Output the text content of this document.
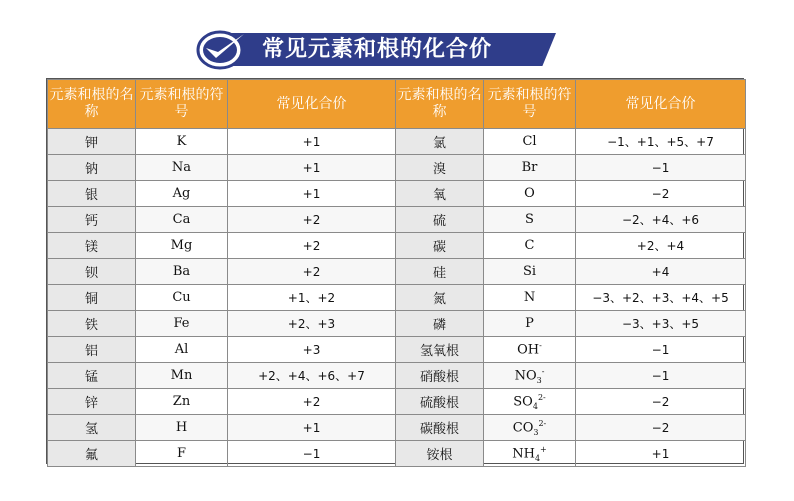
常见元素和根的化合价
元素和根的名称	元素和根的符号	常见化合价	元素和根的名称	元素和根的符号	常见化合价
钾	K	+1	氯	Cl	−1、+1、+5、+7
钠	Na	+1	溴	Br	−1
银	Ag	+1	氧	O	−2
钙	Ca	+2	硫	S	−2、+4、+6
镁	Mg	+2	碳	C	+2、+4
钡	Ba	+2	硅	Si	+4
铜	Cu	+1、+2	氮	N	−3、+2、+3、+4、+5
铁	Fe	+2、+3	磷	P	−3、+3、+5
铝	Al	+3	氢氧根	OH-	−1
锰	Mn	+2、+4、+6、+7	硝酸根	$NO_3^-$	−1
锌	Zn	+2	硫酸根	$SO_4^{2-}$	−2
氢	H	+1	碳酸根	$CO_3^{2-}$	−2
氟	F	−1	铵根	$NH_4^+$	+1
